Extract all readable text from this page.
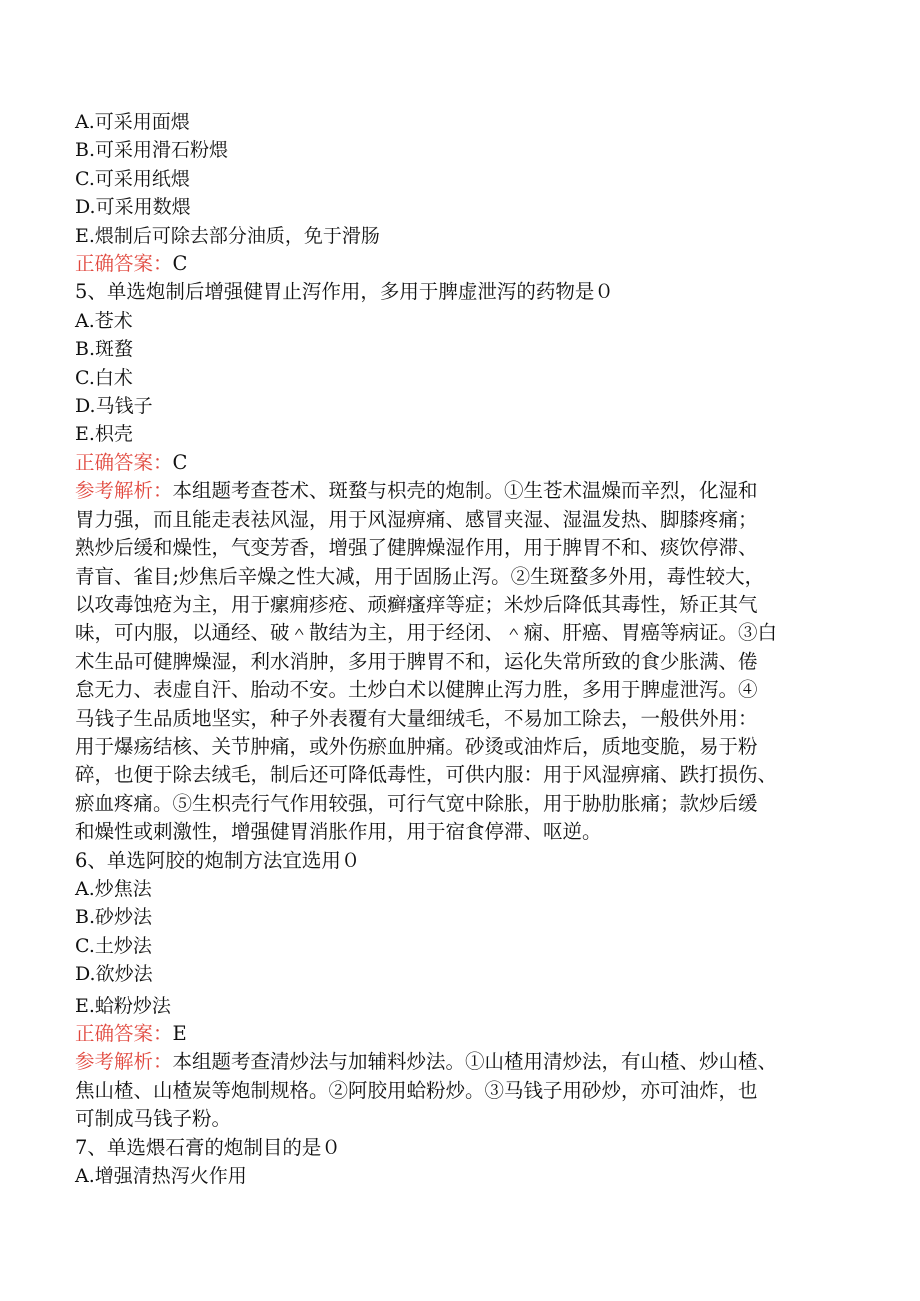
A.可采用面煨
B.可采用滑石粉煨
C.可采用纸煨
D.可采用数煨
E.煨制后可除去部分油质，免于滑肠
正确答案：C
5、单选炮制后增强健胃止泻作用，多用于脾虚泄泻的药物是０
A.苍术
B.斑蝥
C.白术
D.马钱子
E.枳壳
正确答案：C
参考解析：本组题考查苍术、斑蝥与枳壳的炮制。①生苍术温燥而辛烈，化湿和
胃力强，而且能走表祛风湿，用于风湿痹痛、感冒夹湿、湿温发热、脚膝疼痛；
熟炒后缓和燥性，气变芳香，增强了健脾燥湿作用，用于脾胃不和、痰饮停滞、
青盲、雀目;炒焦后辛燥之性大减，用于固肠止泻。②生斑蝥多外用，毒性较大，
以攻毒蚀疮为主，用于瘰痈疹疮、顽癣瘙痒等症；米炒后降低其毒性，矫正其气
味，可内服，以通经、破＾散结为主，用于经闭、＾痫、肝癌、胃癌等病证。③白
术生品可健脾燥湿，利水消肿，多用于脾胃不和，运化失常所致的食少胀满、倦
怠无力、表虚自汗、胎动不安。土炒白术以健脾止泻力胜，多用于脾虚泄泻。④
马钱子生品质地坚实，种子外表覆有大量细绒毛，不易加工除去，一般供外用：
用于爆疡结核、关节肿痛，或外伤瘀血肿痛。砂烫或油炸后，质地变脆，易于粉
碎，也便于除去绒毛，制后还可降低毒性，可供内服：用于风湿痹痛、跌打损伤、
瘀血疼痛。⑤生枳壳行气作用较强，可行气宽中除胀，用于胁肋胀痛；款炒后缓
和燥性或刺激性，增强健胃消胀作用，用于宿食停滞、呕逆。
6、单选阿胶的炮制方法宜选用０
A.炒焦法
B.砂炒法
C.土炒法
D.欲炒法
E.蛤粉炒法
正确答案：E
参考解析：本组题考查清炒法与加辅料炒法。①山楂用清炒法，有山楂、炒山楂、
焦山楂、山楂炭等炮制规格。②阿胶用蛤粉炒。③马钱子用砂炒，亦可油炸，也
可制成马钱子粉。
7、单选煨石膏的炮制目的是０
A.增强清热泻火作用
